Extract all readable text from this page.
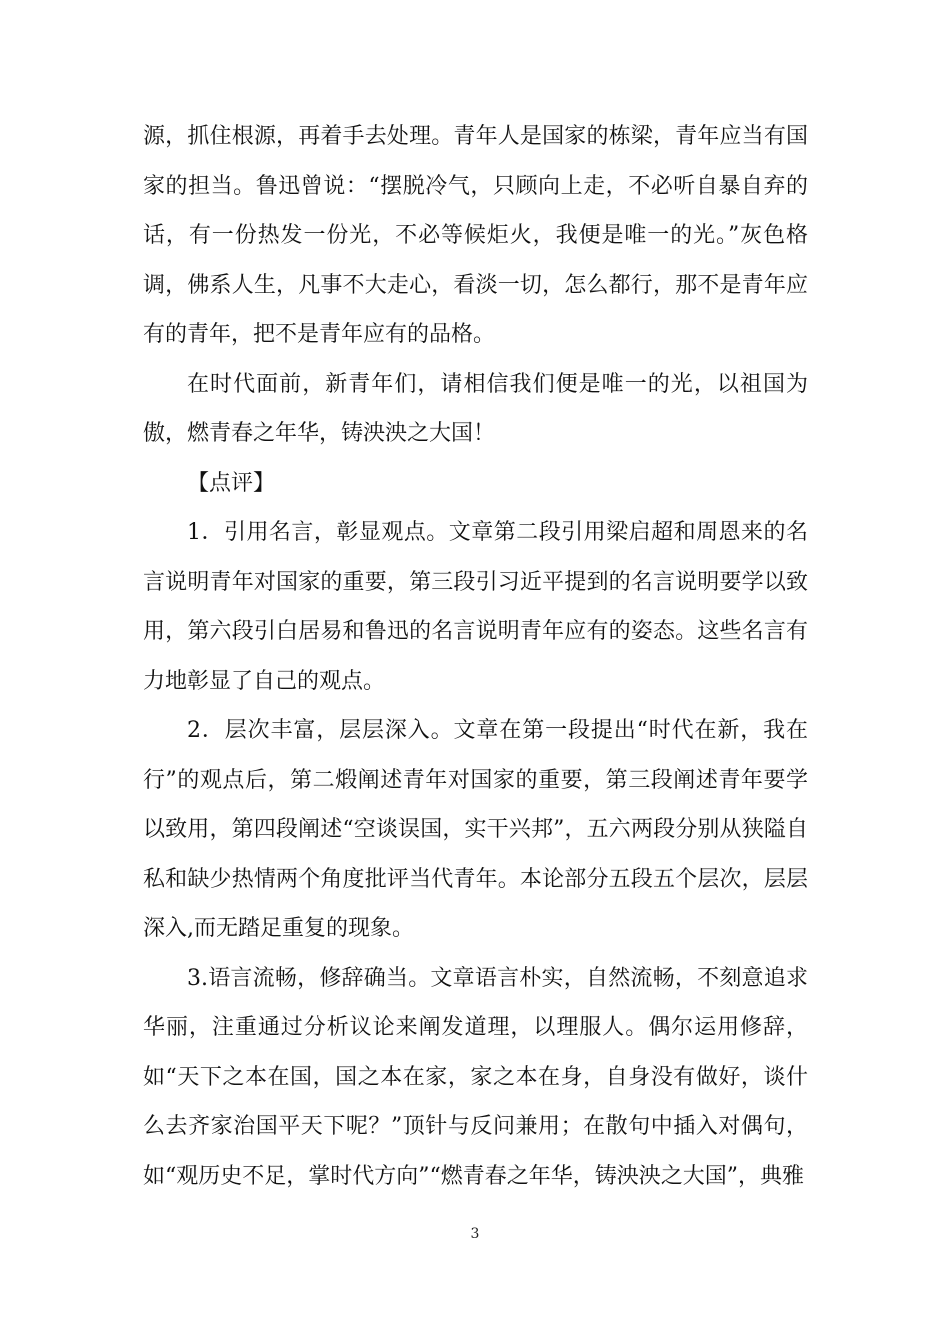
源，抓住根源，再着手去处理。青年人是国家的栋梁，青年应当有国家的担当。鲁迅曾说：“摆脱冷气，只顾向上走，不必听自暴自弃的话，有一份热发一份光，不必等候炬火，我便是唯一的光。”灰色格调，佛系人生，凡事不大走心，看淡一切，怎么都行，那不是青年应有的青年，把不是青年应有的品格。

在时代面前，新青年们，请相信我们便是唯一的光，以祖国为傲，燃青春之年华，铸泱泱之大国！

【点评】

1．引用名言，彰显观点。文章第二段引用梁启超和周恩来的名言说明青年对国家的重要，第三段引习近平提到的名言说明要学以致用，第六段引白居易和鲁迅的名言说明青年应有的姿态。这些名言有力地彰显了自己的观点。

2．层次丰富，层层深入。文章在第一段提出“时代在新，我在行”的观点后，第二煅阐述青年对国家的重要，第三段阐述青年要学以致用，第四段阐述“空谈误国，实干兴邦”，五六两段分别从狭隘自私和缺少热情两个角度批评当代青年。本论部分五段五个层次，层层深入,而无踏足重复的现象。

3.语言流畅，修辞确当。文章语言朴实，自然流畅，不刻意追求华丽，注重通过分析议论来阐发道理，以理服人。偶尔运用修辞，如“天下之本在国，国之本在家，家之本在身，自身没有做好，谈什么去齐家治国平天下呢？”顶针与反问兼用；在散句中插入对偶句，如“观历史不足，掌时代方向”“燃青春之年华，铸泱泱之大国”，典雅

3
